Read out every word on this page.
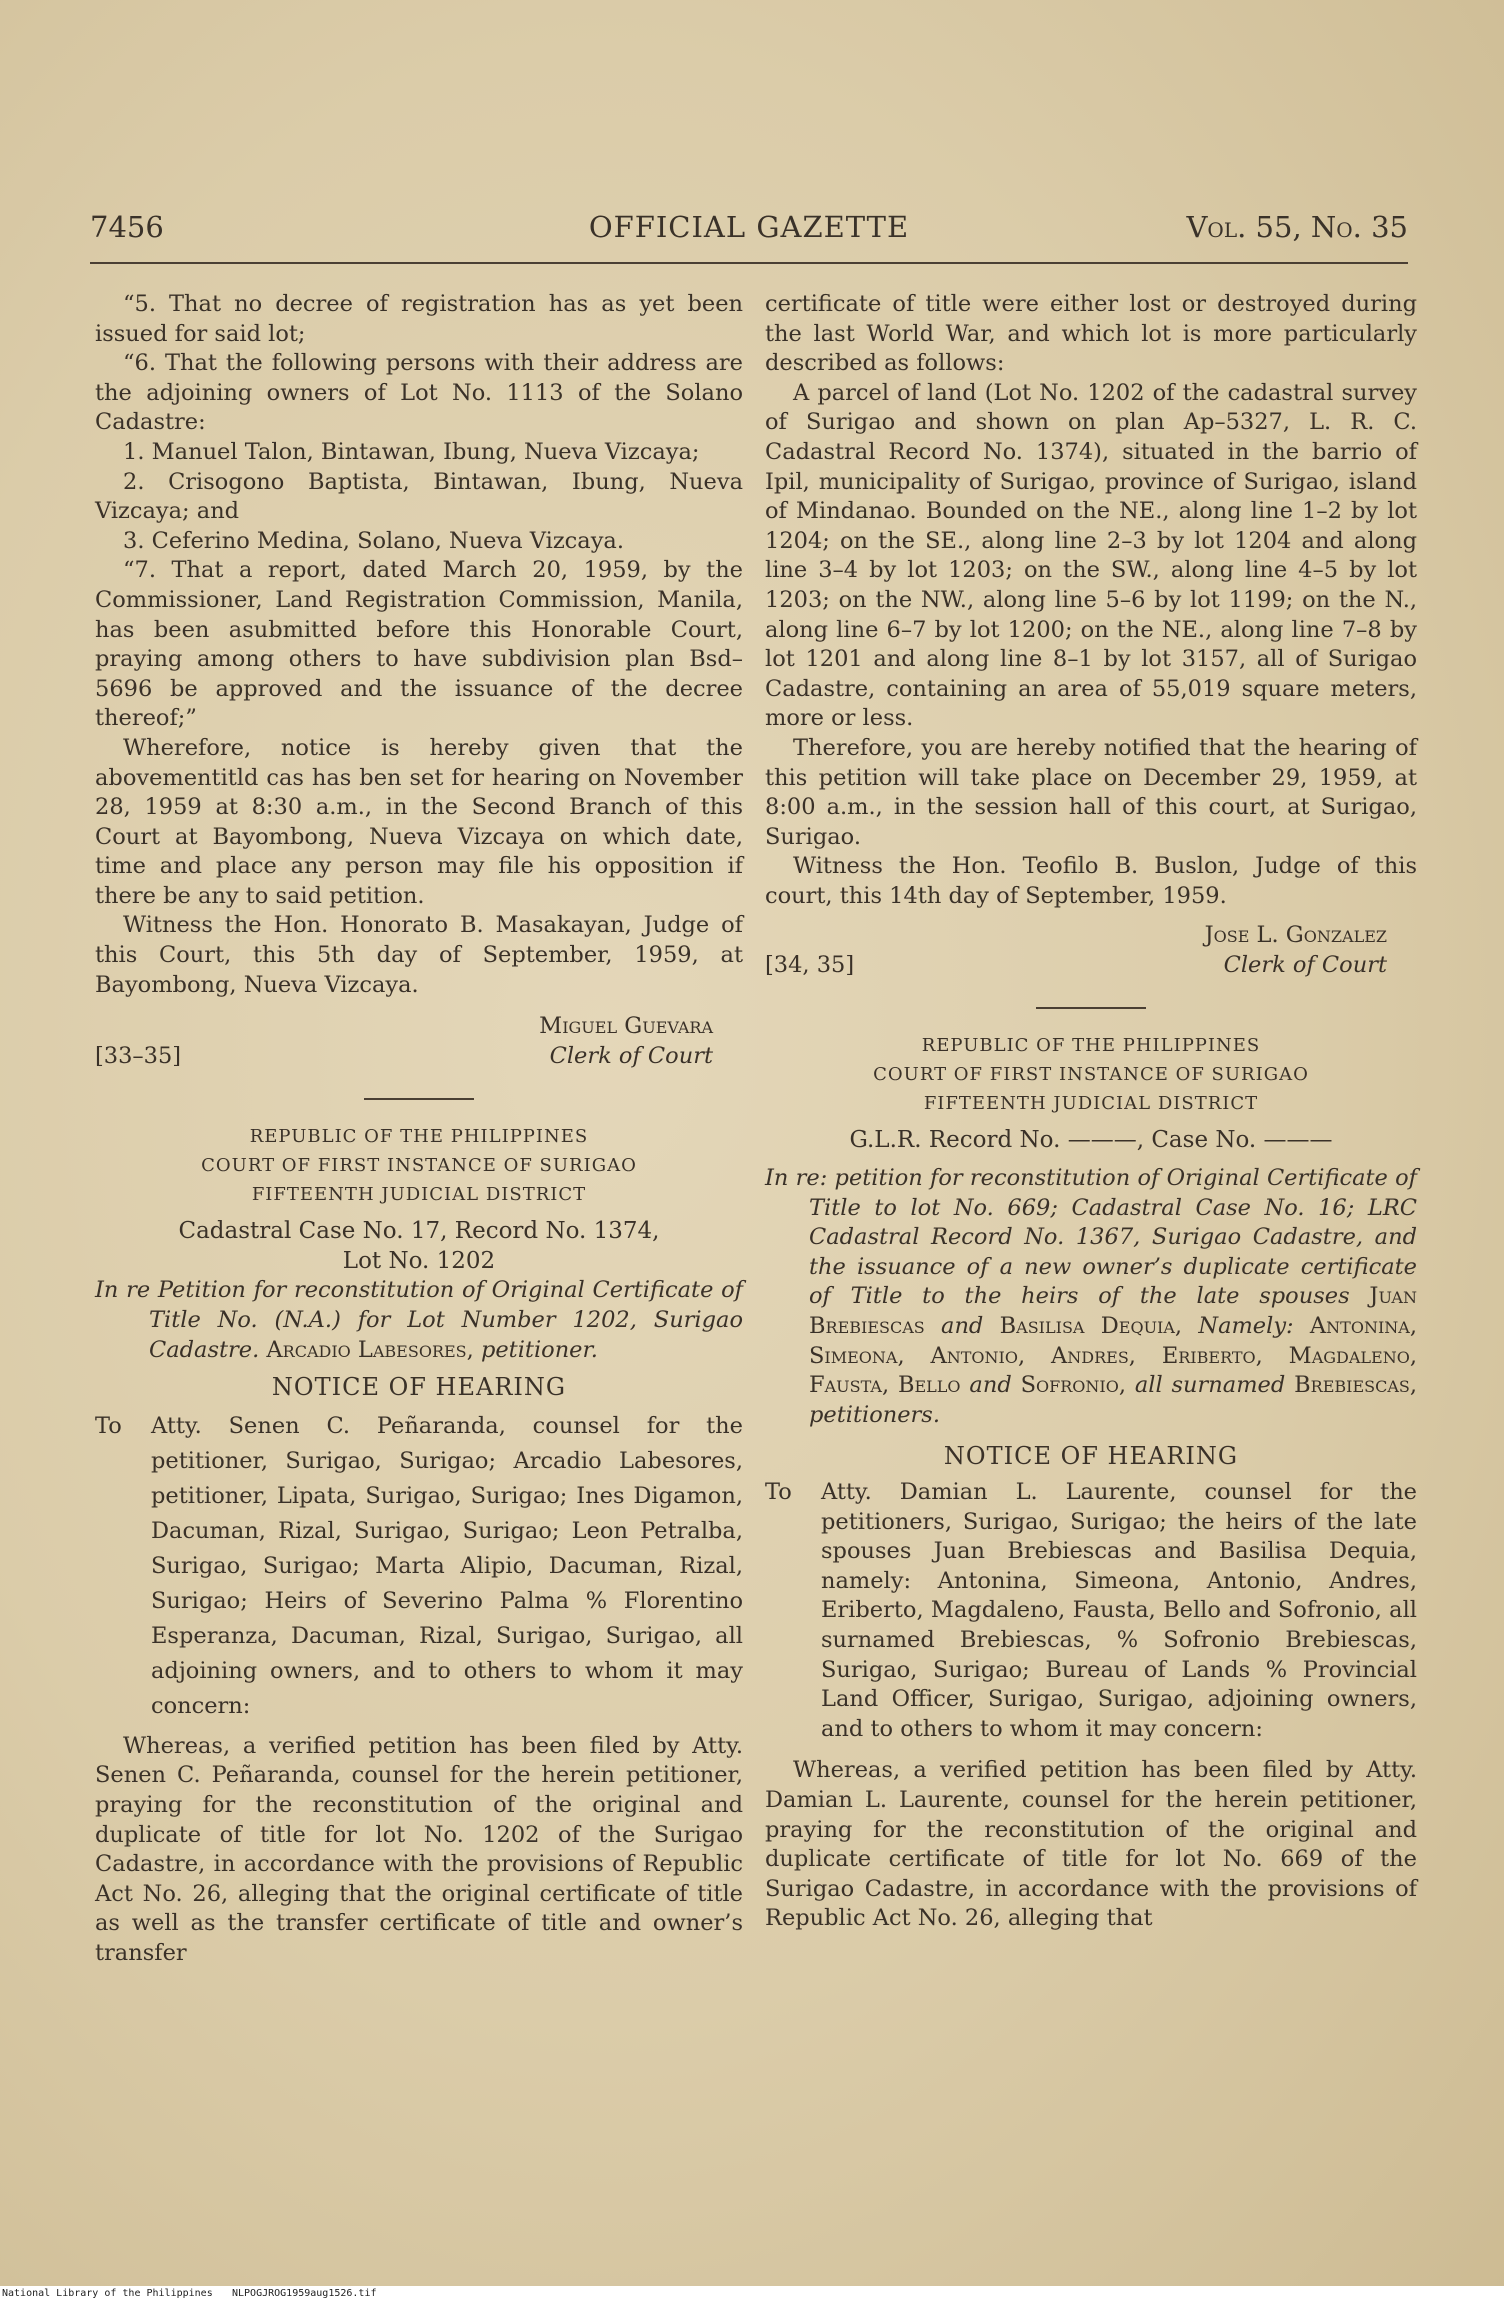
7456	OFFICIAL GAZETTE	Vol. 55, No. 35

“5. That no decree of registration has as yet been issued for said lot;

“6. That the following persons with their address are the adjoining owners of Lot No. 1113 of the Solano Cadastre:

1. Manuel Talon, Bintawan, Ibung, Nueva Vizcaya;

2. Crisogono Baptista, Bintawan, Ibung, Nueva Vizcaya; and

3. Ceferino Medina, Solano, Nueva Vizcaya.

“7. That a report, dated March 20, 1959, by the Commissioner, Land Registration Commission, Manila, has been asubmitted before this Honorable Court, praying among others to have subdivision plan Bsd–5696 be approved and the issuance of the decree thereof;”

Wherefore, notice is hereby given that the abovementitld cas has ben set for hearing on November 28, 1959 at 8:30 a.m., in the Second Branch of this Court at Bayombong, Nueva Vizcaya on which date, time and place any person may file his opposition if there be any to said petition.

Witness the Hon. Honorato B. Masakayan, Judge of this Court, this 5th day of September, 1959, at Bayombong, Nueva Vizcaya.

Miguel Guevara
Clerk of Court
[33–35]
REPUBLIC OF THE PHILIPPINES
COURT OF FIRST INSTANCE OF SURIGAO
FIFTEENTH JUDICIAL DISTRICT
Cadastral Case No. 17, Record No. 1374,
Lot No. 1202

In re Petition for reconstitution of Original Certificate of Title No. (N.A.) for Lot Number 1202, Surigao Cadastre. Arcadio Labesores, petitioner.

NOTICE OF HEARING
To Atty. Senen C. Peñaranda, counsel for the petitioner, Surigao, Surigao; Arcadio Labesores, petitioner, Lipata, Surigao, Surigao; Ines Digamon, Dacuman, Rizal, Surigao, Surigao; Leon Petralba, Surigao, Surigao; Marta Alipio, Dacuman, Rizal, Surigao; Heirs of Severino Palma % Florentino Esperanza, Dacuman, Rizal, Surigao, Surigao, all adjoining owners, and to others to whom it may concern:

Whereas, a verified petition has been filed by Atty. Senen C. Peñaranda, counsel for the herein petitioner, praying for the reconstitution of the original and duplicate of title for lot No. 1202 of the Surigao Cadastre, in accordance with the provisions of Republic Act No. 26, alleging that the original certificate of title as well as the transfer certificate of title and owner’s transfer

certificate of title were either lost or destroyed during the last World War, and which lot is more particularly described as follows:

A parcel of land (Lot No. 1202 of the cadastral survey of Surigao and shown on plan Ap–5327, L. R. C. Cadastral Record No. 1374), situated in the barrio of Ipil, municipality of Surigao, province of Surigao, island of Mindanao. Bounded on the NE., along line 1–2 by lot 1204; on the SE., along line 2–3 by lot 1204 and along line 3–4 by lot 1203; on the SW., along line 4–5 by lot 1203; on the NW., along line 5–6 by lot 1199; on the N., along line 6–7 by lot 1200; on the NE., along line 7–8 by lot 1201 and along line 8–1 by lot 3157, all of Surigao Cadastre, containing an area of 55,019 square meters, more or less.

Therefore, you are hereby notified that the hearing of this petition will take place on December 29, 1959, at 8:00 a.m., in the session hall of this court, at Surigao, Surigao.

Witness the Hon. Teofilo B. Buslon, Judge of this court, this 14th day of September, 1959.

Jose L. Gonzalez
Clerk of Court
[34, 35]
REPUBLIC OF THE PHILIPPINES
COURT OF FIRST INSTANCE OF SURIGAO
FIFTEENTH JUDICIAL DISTRICT
G.L.R. Record No. ———, Case No. ———

In re: petition for reconstitution of Original Certificate of Title to lot No. 669; Cadastral Case No. 16; LRC Cadastral Record No. 1367, Surigao Cadastre, and the issuance of a new owner’s duplicate certificate of Title to the heirs of the late spouses Juan Brebiescas and Basilisa Dequia, Namely: Antonina, Simeona, Antonio, Andres, Eriberto, Magdaleno, Fausta, Bello and Sofronio, all surnamed Brebiescas, petitioners.

NOTICE OF HEARING
To Atty. Damian L. Laurente, counsel for the petitioners, Surigao, Surigao; the heirs of the late spouses Juan Brebiescas and Basilisa Dequia, namely: Antonina, Simeona, Antonio, Andres, Eriberto, Magdaleno, Fausta, Bello and Sofronio, all surnamed Brebiescas, % Sofronio Brebiescas, Surigao, Surigao; Bureau of Lands % Provincial Land Officer, Surigao, Surigao, adjoining owners, and to others to whom it may concern:

Whereas, a verified petition has been filed by Atty. Damian L. Laurente, counsel for the herein petitioner, praying for the reconstitution of the original and duplicate certificate of title for lot No. 669 of the Surigao Cadastre, in accordance with the provisions of Republic Act No. 26, alleging that

National Library of the Philippines NLPOGJROG1959aug1526.tif
